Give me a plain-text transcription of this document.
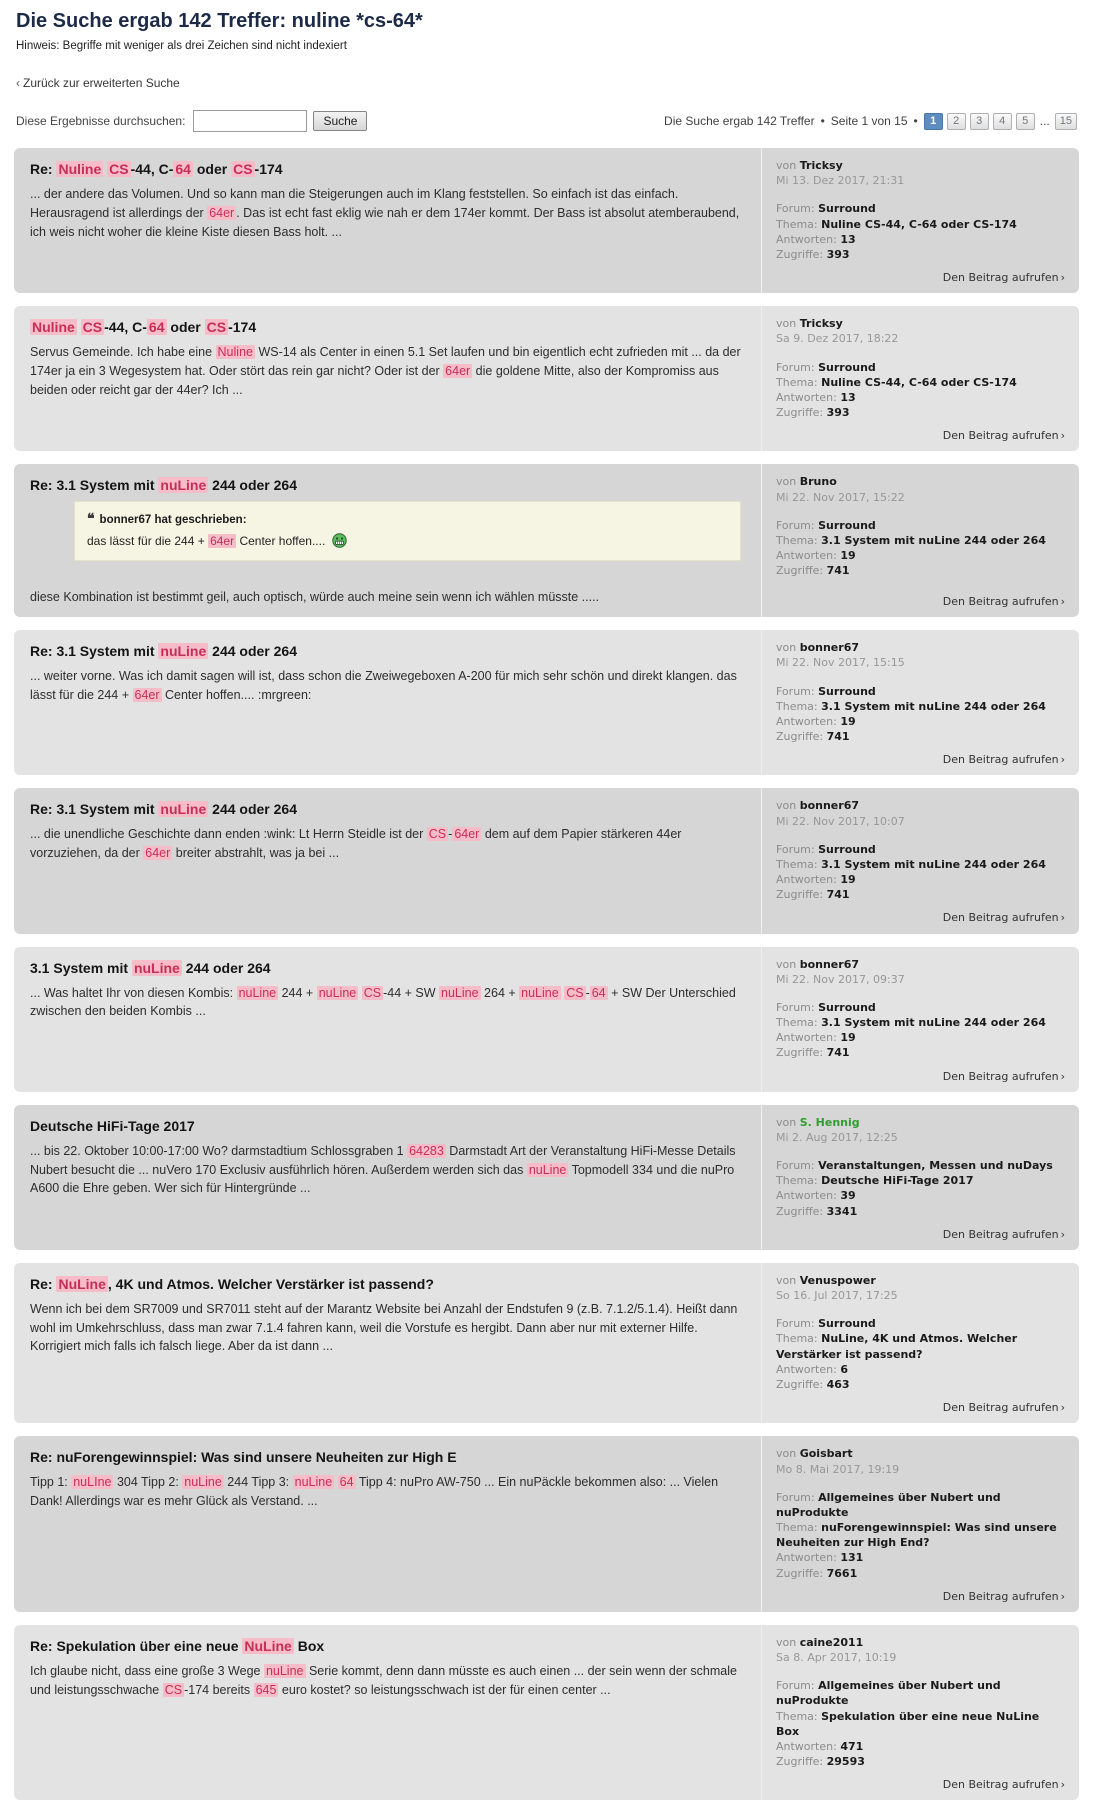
Die Suche ergab 142 Treffer: nuline *cs-64*
Hinweis: Begriffe mit weniger als drei Zeichen sind nicht indexiert
‹ Zurück zur erweiterten Suche
Diese Ergebnisse durchsuchen:	Suche	Die Suche ergab 142 Treffer • Seite 1 von 15 •	1	2	3	4	5 ... 15
Re: Nuline CS -44, C- 64 oder CS -174
... der andere das Volumen. Und so kann man die Steigerungen auch im Klang feststellen. So einfach ist das einfach. Herausragend ist allerdings der 64er . Das ist echt fast eklig wie nah er dem 174er kommt. Der Bass ist absolut atemberaubend, ich weis nicht woher die kleine Kiste diesen Bass holt. ...
von Tricksy
Mi 13. Dez 2017, 21:31
Forum: Surround
Thema: Nuline CS-44, C-64 oder CS-174
Antworten: 13
Zugriffe: 393
Den Beitrag aufrufen ›
Nuline CS -44, C- 64 oder CS -174
Servus Gemeinde. Ich habe eine Nuline WS-14 als Center in einen 5.1 Set laufen und bin eigentlich echt zufrieden mit ... da der 174er ja ein 3 Wegesystem hat. Oder stört das rein gar nicht? Oder ist der 64er die goldene Mitte, also der Kompromiss aus beiden oder reicht gar der 44er? Ich ...
von Tricksy
Sa 9. Dez 2017, 18:22
Forum: Surround
Thema: Nuline CS-44, C-64 oder CS-174
Antworten: 13
Zugriffe: 393
Den Beitrag aufrufen ›
Re: 3.1 System mit nuLine 244 oder 264
❝ bonner67 hat geschrieben:
das lässt für die 244 + 64er Center hoffen....
diese Kombination ist bestimmt geil, auch optisch, würde auch meine sein wenn ich wählen müsste .....
von Bruno
Mi 22. Nov 2017, 15:22
Forum: Surround
Thema: 3.1 System mit nuLine 244 oder 264
Antworten: 19
Zugriffe: 741
Den Beitrag aufrufen ›
Re: 3.1 System mit nuLine 244 oder 264
... weiter vorne. Was ich damit sagen will ist, dass schon die Zweiwegeboxen A-200 für mich sehr schön und direkt klangen. das lässt für die 244 + 64er Center hoffen.... :mrgreen:
von bonner67
Mi 22. Nov 2017, 15:15
Forum: Surround
Thema: 3.1 System mit nuLine 244 oder 264
Antworten: 19
Zugriffe: 741
Den Beitrag aufrufen ›
Re: 3.1 System mit nuLine 244 oder 264
... die unendliche Geschichte dann enden :wink: Lt Herrn Steidle ist der CS - 64er dem auf dem Papier stärkeren 44er vorzuziehen, da der 64er breiter abstrahlt, was ja bei ...
von bonner67
Mi 22. Nov 2017, 10:07
Forum: Surround
Thema: 3.1 System mit nuLine 244 oder 264
Antworten: 19
Zugriffe: 741
Den Beitrag aufrufen ›
3.1 System mit nuLine 244 oder 264
... Was haltet Ihr von diesen Kombis: nuLine 244 + nuLine CS -44 + SW nuLine 264 + nuLine CS - 64 + SW Der Unterschied zwischen den beiden Kombis ...
von bonner67
Mi 22. Nov 2017, 09:37
Forum: Surround
Thema: 3.1 System mit nuLine 244 oder 264
Antworten: 19
Zugriffe: 741
Den Beitrag aufrufen ›
Deutsche HiFi-Tage 2017
... bis 22. Oktober 10:00-17:00 Wo? darmstadtium Schlossgraben 1 64283 Darmstadt Art der Veranstaltung HiFi-Messe Details Nubert besucht die ... nuVero 170 Exclusiv ausführlich hören. Außerdem werden sich das nuLine Topmodell 334 und die nuPro A600 die Ehre geben. Wer sich für Hintergründe ...
von S. Hennig
Mi 2. Aug 2017, 12:25
Forum: Veranstaltungen, Messen und nuDays
Thema: Deutsche HiFi-Tage 2017
Antworten: 39
Zugriffe: 3341
Den Beitrag aufrufen ›
Re: NuLine , 4K und Atmos. Welcher Verstärker ist passend?
Wenn ich bei dem SR7009 und SR7011 steht auf der Marantz Website bei Anzahl der Endstufen 9 (z.B. 7.1.2/5.1.4). Heißt dann wohl im Umkehrschluss, dass man zwar 7.1.4 fahren kann, weil die Vorstufe es hergibt. Dann aber nur mit externer Hilfe. Korrigiert mich falls ich falsch liege. Aber da ist dann ...
von Venuspower
So 16. Jul 2017, 17:25
Forum: Surround
Thema: NuLine, 4K und Atmos. Welcher Verstärker ist passend?
Antworten: 6
Zugriffe: 463
Den Beitrag aufrufen ›
Re: nuForengewinnspiel: Was sind unsere Neuheiten zur High E
Tipp 1: nuLIne 304 Tipp 2: nuLine 244 Tipp 3: nuLine 64 Tipp 4: nuPro AW-750 ... Ein nuPäckle bekommen also: ... Vielen Dank! Allerdings war es mehr Glück als Verstand. ...
von Goisbart
Mo 8. Mai 2017, 19:19
Forum: Allgemeines über Nubert und nuProdukte
Thema: nuForengewinnspiel: Was sind unsere Neuheiten zur High End?
Antworten: 131
Zugriffe: 7661
Den Beitrag aufrufen ›
Re: Spekulation über eine neue NuLine Box
Ich glaube nicht, dass eine große 3 Wege nuLine Serie kommt, denn dann müsste es auch einen ... der sein wenn der schmale und leistungsschwache CS -174 bereits 645 euro kostet? so leistungsschwach ist der für einen center ...
von caine2011
Sa 8. Apr 2017, 10:19
Forum: Allgemeines über Nubert und nuProdukte
Thema: Spekulation über eine neue NuLine Box
Antworten: 471
Zugriffe: 29593
Den Beitrag aufrufen ›
